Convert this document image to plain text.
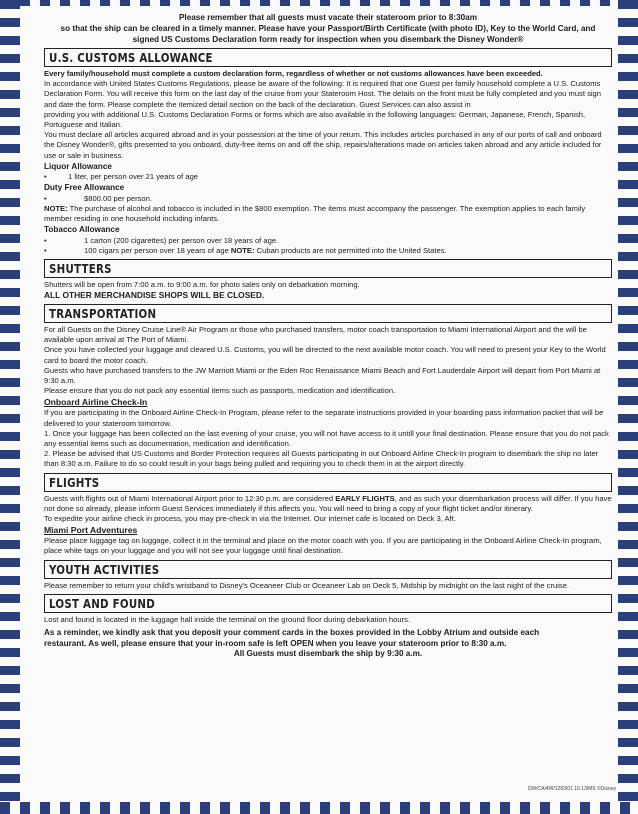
Please remember that all guests must vacate their stateroom prior to 8:30am
so that the ship can be cleared in a timely manner. Please have your Passport/Birth Certificate (with photo ID), Key to the World Card, and
signed US Customs Declaration form ready for inspection when you disembark the Disney Wonder®
U.S. CUSTOMS ALLOWANCE

Every family/household must complete a custom declaration form, regardless of whether or not customs allowances have been exceeded.

In accordance with United States Customs Regulations, please be aware of the following: It is required that one Guest per family household complete a U.S. Customs Declaration Form. You will receive this form on the last day of the cruise from your Stateroom Host. The details on the front must be fully completed and you must sign and date the form. Please complete the itemized detail section on the back of the declaration. Guest Services can also assist in

providing you with additional U.S. Customs Declaration Forms or forms which are also available in the following languages: German, Japanese, French, Spanish, Portuguese and Italian.

You must declare all articles acquired abroad and in your possession at the time of your return. This includes articles purchased in any of our ports of call and onboard the Disney Wonder®, gifts presented to you onboard, duty-free items on and off the ship, repairs/alterations made on articles taken abroad and any article included for use or sale in business.

Liquor Allowance
• 1 liter, per person over 21 years of age
Duty Free Allowance
• $800.00 per person.

NOTE: The purchase of alcohol and tobacco is included in the $800 exemption. The items must accompany the passenger. The exemption applies to each family member residing in one household including infants.

Tobacco Allowance
• 1 carton (200 cigarettes) per person over 18 years of age.
• 100 cigars per person over 18 years of age NOTE: Cuban products are not permitted into the United States.
SHUTTERS

Shutters will be open from 7:00 a.m. to 9:00 a.m. for photo sales only on debarkation morning.

ALL OTHER MERCHANDISE SHOPS WILL BE CLOSED.

TRANSPORTATION

For all Guests on the Disney Cruise Line® Air Program or those who purchased transfers, motor coach transportation to Miami International Airport and the will be available upon arrival at The Port of Miami.

Once you have collected your luggage and cleared U.S. Customs, you will be directed to the next available motor coach. You will need to present your Key to the World card to board the motor coach.

Guests who have purchased transfers to the JW Marriott Miami or the Eden Roc Renaissance Miami Beach and Fort Lauderdale Airport will depart from Port Miami at 9:30 a.m.

Please ensure that you do not pack any essential items such as passports, medication and identification.

Onboard Airline Check-In

If you are participating in the Onboard Airline Check-In Program, please refer to the separate instructions provided in your boarding pass information packet that will be delivered to your stateroom tomorrow.

1. Once your luggage has been collected on the last evening of your cruise, you will not have access to it untill your final destination. Please ensure that you do not pack any essential items such as documentation, medication and identification.

2. Please be advised that US Customs and Border Protection requires all Guests participating in out Onboard Airline Check-In program to disembark the ship no later than 8:30 a.m. Failure to do so could result in your bags being pulled and requiring you to check them in at the airport directly.

FLIGHTS

Guests with flights out of Miami International Airport prior to 12:30 p.m. are considered EARLY FLIGHTS, and as such your disembarkation process will differ. If you have not done so already, please inform Guest Services immediately if this affects you. You will need to bring a copy of your flight ticket and/or itinerary.

To expedite your airline check in process, you may pre-check in via the Internet. Our internet cafe is located on Deck 3, Aft.

Miami Port Adventures

Please place luggage tag on luggage, collect it in the terminal and place on the motor coach with you. If you are participating in the Onboard Airline Check-In program, place white tags on your luggage and you will not see your luggage until final destination.

YOUTH ACTIVITIES

Please remember to return your child's wristband to Disney's Oceaneer Club or Oceaneer Lab on Deck 5, Midship by midnight on the last night of the cruise.

LOST AND FOUND

Lost and found is located in the luggage hall inside the terminal on the ground floor during debarkation hours.

As a reminder, we kindly ask that you deposit your comment cards in the boxes provided in the Lobby Atrium and outside each
restaurant. As well, please ensure that your in-room safe is left OPEN when you leave your stateroom prior to 8:30 a.m.
All Guests must disembark the ship by 9:30 a.m.
DW/CA/4W/1283/01.10.13/MS ©Disney
